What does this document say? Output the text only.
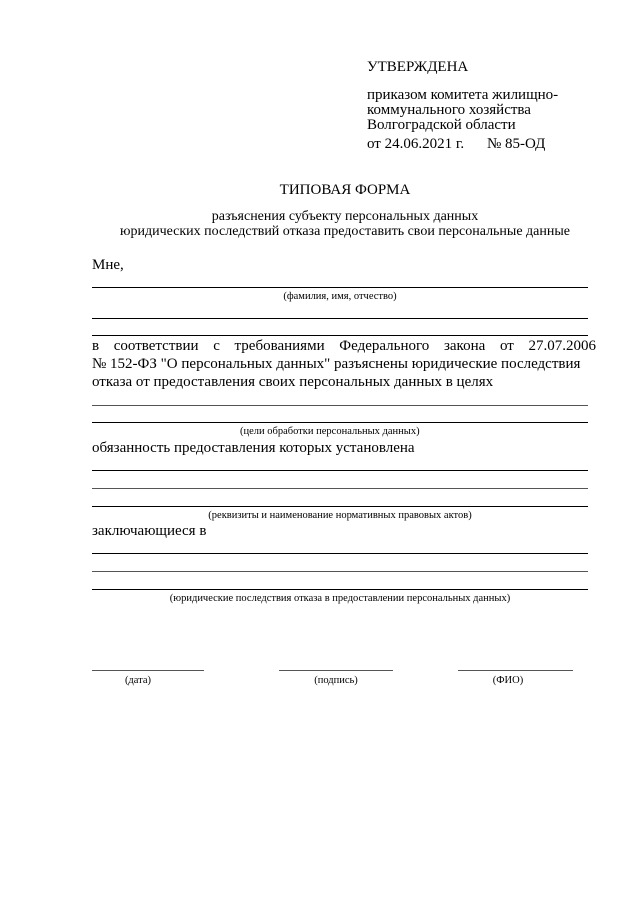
УТВЕРЖДЕНА
приказом комитета жилищно-
коммунального хозяйства
Волгоградской области
от 24.06.2021 г. № 85-ОД
ТИПОВАЯ ФОРМА
разъяснения субъекту персональных данных
юридических последствий отказа предоставить свои персональные данные
Мне,
(фамилия, имя, отчество)
в соответствии с требованиями Федерального закона от 27.07.2006
№ 152-ФЗ "О персональных данных" разъяснены юридические последствия
отказа от предоставления своих персональных данных в целях
(цели обработки персональных данных)
обязанность предоставления которых установлена
(реквизиты и наименование нормативных правовых актов)
заключающиеся в
(юридические последствия отказа в предоставлении персональных данных)
(дата)	(подпись)	(ФИО)
